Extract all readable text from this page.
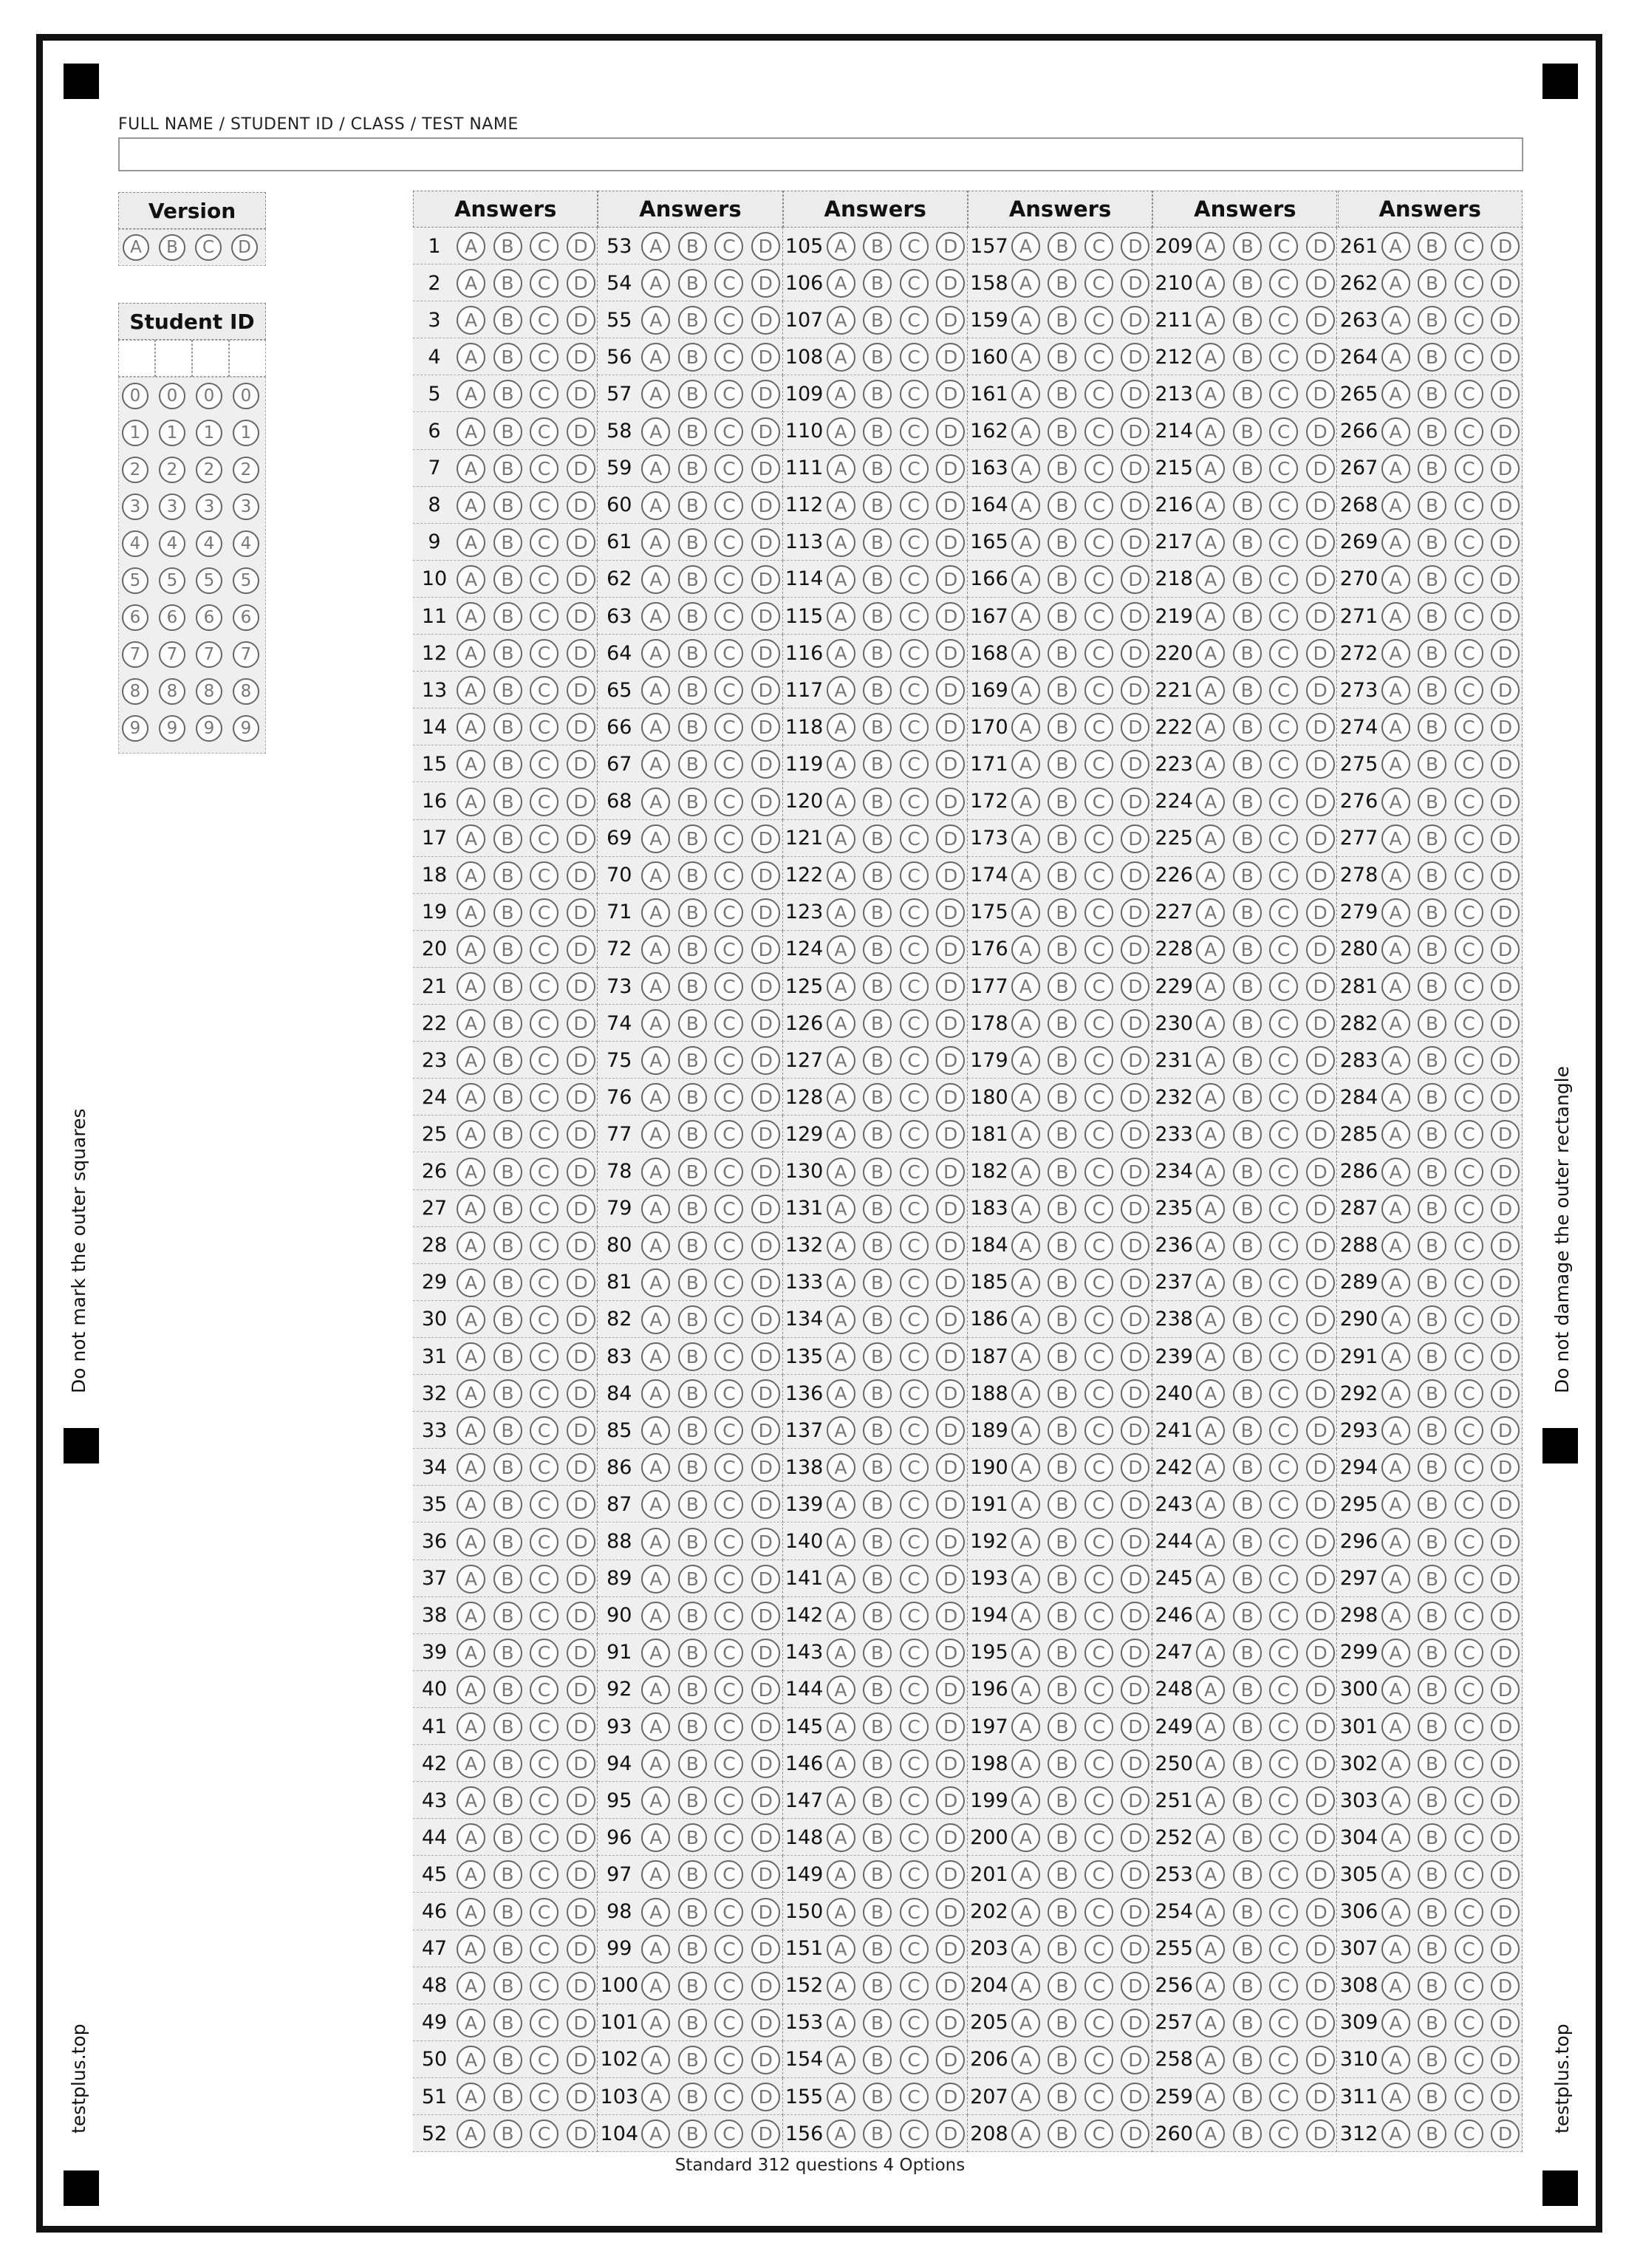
Do not mark the outer squares	Do not damage the outer rectangle
testplus.top	testplus.top
FULL NAME / STUDENT ID / CLASS / TEST NAME
Version
A	B	C	D
Student ID
0	0	0	0
1	1	1	1
2	2	2	2
3	3	3	3
4	4	4	4
5	5	5	5
6	6	6	6
7	7	7	7
8	8	8	8
9	9	9	9
Answers
1	A	B	C	D
2	A	B	C	D
3	A	B	C	D
4	A	B	C	D
5	A	B	C	D
6	A	B	C	D
7	A	B	C	D
8	A	B	C	D
9	A	B	C	D
10 A	B	C	D
11 A	B	C	D
12 A	B	C	D
13 A	B	C	D
14 A	B	C	D
15 A	B	C	D
16 A	B	C	D
17 A	B	C	D
18 A	B	C	D
19 A	B	C	D
20 A	B	C	D
21 A	B	C	D
22 A	B	C	D
23 A	B	C	D
24 A	B	C	D
25 A	B	C	D
26 A	B	C	D
27 A	B	C	D
28 A	B	C	D
29 A	B	C	D
30 A	B	C	D
31 A	B	C	D
32 A	B	C	D
33 A	B	C	D
34 A	B	C	D
35 A	B	C	D
36 A	B	C	D
37 A	B	C	D
38 A	B	C	D
39 A	B	C	D
40 A	B	C	D
41 A	B	C	D
42 A	B	C	D
43 A	B	C	D
44 A	B	C	D
45 A	B	C	D
46 A	B	C	D
47 A	B	C	D
48 A	B	C	D
49 A	B	C	D
50 A	B	C	D
51 A	B	C	D
52 A	B	C	D
Answers
53 A	B	C	D
54 A	B	C	D
55 A	B	C	D
56 A	B	C	D
57 A	B	C	D
58 A	B	C	D
59 A	B	C	D
60 A	B	C	D
61 A	B	C	D
62 A	B	C	D
63 A	B	C	D
64 A	B	C	D
65 A	B	C	D
66 A	B	C	D
67 A	B	C	D
68 A	B	C	D
69 A	B	C	D
70 A	B	C	D
71 A	B	C	D
72 A	B	C	D
73 A	B	C	D
74 A	B	C	D
75 A	B	C	D
76 A	B	C	D
77 A	B	C	D
78 A	B	C	D
79 A	B	C	D
80 A	B	C	D
81 A	B	C	D
82 A	B	C	D
83 A	B	C	D
84 A	B	C	D
85 A	B	C	D
86 A	B	C	D
87 A	B	C	D
88 A	B	C	D
89 A	B	C	D
90 A	B	C	D
91 A	B	C	D
92 A	B	C	D
93 A	B	C	D
94 A	B	C	D
95 A	B	C	D
96 A	B	C	D
97 A	B	C	D
98 A	B	C	D
99 A	B	C	D
100 A	B	C	D
101 A	B	C	D
102 A	B	C	D
103 A	B	C	D
104 A	B	C	D
Answers
105 A	B	C	D
106 A	B	C	D
107 A	B	C	D
108 A	B	C	D
109 A	B	C	D
110 A	B	C	D
111 A	B	C	D
112 A	B	C	D
113 A	B	C	D
114 A	B	C	D
115 A	B	C	D
116 A	B	C	D
117 A	B	C	D
118 A	B	C	D
119 A	B	C	D
120 A	B	C	D
121 A	B	C	D
122 A	B	C	D
123 A	B	C	D
124 A	B	C	D
125 A	B	C	D
126 A	B	C	D
127 A	B	C	D
128 A	B	C	D
129 A	B	C	D
130 A	B	C	D
131 A	B	C	D
132 A	B	C	D
133 A	B	C	D
134 A	B	C	D
135 A	B	C	D
136 A	B	C	D
137 A	B	C	D
138 A	B	C	D
139 A	B	C	D
140 A	B	C	D
141 A	B	C	D
142 A	B	C	D
143 A	B	C	D
144 A	B	C	D
145 A	B	C	D
146 A	B	C	D
147 A	B	C	D
148 A	B	C	D
149 A	B	C	D
150 A	B	C	D
151 A	B	C	D
152 A	B	C	D
153 A	B	C	D
154 A	B	C	D
155 A	B	C	D
156 A	B	C	D
Answers
157 A	B	C	D
158 A	B	C	D
159 A	B	C	D
160 A	B	C	D
161 A	B	C	D
162 A	B	C	D
163 A	B	C	D
164 A	B	C	D
165 A	B	C	D
166 A	B	C	D
167 A	B	C	D
168 A	B	C	D
169 A	B	C	D
170 A	B	C	D
171 A	B	C	D
172 A	B	C	D
173 A	B	C	D
174 A	B	C	D
175 A	B	C	D
176 A	B	C	D
177 A	B	C	D
178 A	B	C	D
179 A	B	C	D
180 A	B	C	D
181 A	B	C	D
182 A	B	C	D
183 A	B	C	D
184 A	B	C	D
185 A	B	C	D
186 A	B	C	D
187 A	B	C	D
188 A	B	C	D
189 A	B	C	D
190 A	B	C	D
191 A	B	C	D
192 A	B	C	D
193 A	B	C	D
194 A	B	C	D
195 A	B	C	D
196 A	B	C	D
197 A	B	C	D
198 A	B	C	D
199 A	B	C	D
200 A	B	C	D
201 A	B	C	D
202 A	B	C	D
203 A	B	C	D
204 A	B	C	D
205 A	B	C	D
206 A	B	C	D
207 A	B	C	D
208 A	B	C	D
Answers
209 A	B	C	D
210 A	B	C	D
211 A	B	C	D
212 A	B	C	D
213 A	B	C	D
214 A	B	C	D
215 A	B	C	D
216 A	B	C	D
217 A	B	C	D
218 A	B	C	D
219 A	B	C	D
220 A	B	C	D
221 A	B	C	D
222 A	B	C	D
223 A	B	C	D
224 A	B	C	D
225 A	B	C	D
226 A	B	C	D
227 A	B	C	D
228 A	B	C	D
229 A	B	C	D
230 A	B	C	D
231 A	B	C	D
232 A	B	C	D
233 A	B	C	D
234 A	B	C	D
235 A	B	C	D
236 A	B	C	D
237 A	B	C	D
238 A	B	C	D
239 A	B	C	D
240 A	B	C	D
241 A	B	C	D
242 A	B	C	D
243 A	B	C	D
244 A	B	C	D
245 A	B	C	D
246 A	B	C	D
247 A	B	C	D
248 A	B	C	D
249 A	B	C	D
250 A	B	C	D
251 A	B	C	D
252 A	B	C	D
253 A	B	C	D
254 A	B	C	D
255 A	B	C	D
256 A	B	C	D
257 A	B	C	D
258 A	B	C	D
259 A	B	C	D
260 A	B	C	D
Answers
261 A	B	C	D
262 A	B	C	D
263 A	B	C	D
264 A	B	C	D
265 A	B	C	D
266 A	B	C	D
267 A	B	C	D
268 A	B	C	D
269 A	B	C	D
270 A	B	C	D
271 A	B	C	D
272 A	B	C	D
273 A	B	C	D
274 A	B	C	D
275 A	B	C	D
276 A	B	C	D
277 A	B	C	D
278 A	B	C	D
279 A	B	C	D
280 A	B	C	D
281 A	B	C	D
282 A	B	C	D
283 A	B	C	D
284 A	B	C	D
285 A	B	C	D
286 A	B	C	D
287 A	B	C	D
288 A	B	C	D
289 A	B	C	D
290 A	B	C	D
291 A	B	C	D
292 A	B	C	D
293 A	B	C	D
294 A	B	C	D
295 A	B	C	D
296 A	B	C	D
297 A	B	C	D
298 A	B	C	D
299 A	B	C	D
300 A	B	C	D
301 A	B	C	D
302 A	B	C	D
303 A	B	C	D
304 A	B	C	D
305 A	B	C	D
306 A	B	C	D
307 A	B	C	D
308 A	B	C	D
309 A	B	C	D
310 A	B	C	D
311 A	B	C	D
312 A	B	C	D
Standard 312 questions 4 Options
